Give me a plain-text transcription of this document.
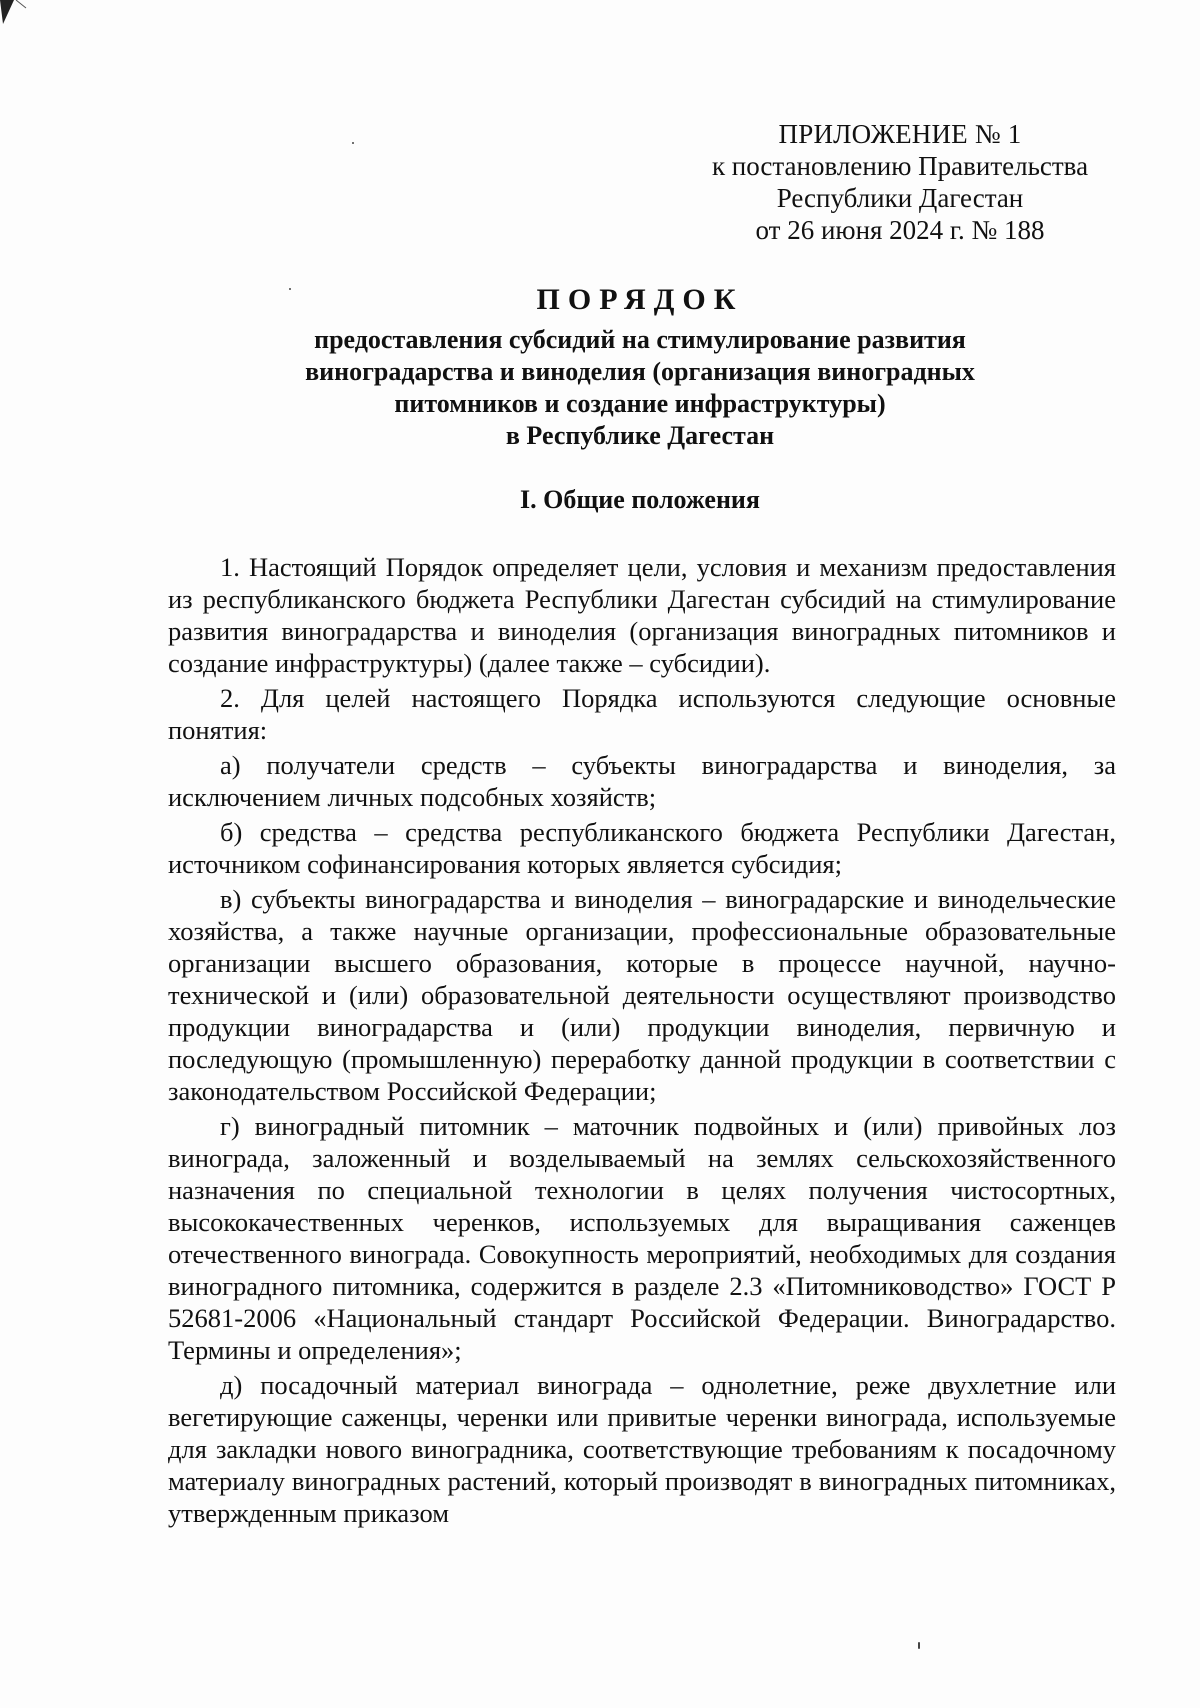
ПРИЛОЖЕНИЕ № 1
к постановлению Правительства
Республики Дагестан
от 26 июня 2024 г. № 188
ПОРЯДОК
предоставления субсидий на стимулирование развития
виноградарства и виноделия (организация виноградных
питомников и создание инфраструктуры)
в Республике Дагестан
I. Общие положения

1. Настоящий Порядок определяет цели, условия и механизм предоставления из республиканского бюджета Республики Дагестан субсидий на стимулирование развития виноградарства и виноделия (организация виноградных питомников и создание инфраструктуры) (далее также – субсидии).

2. Для целей настоящего Порядка используются следующие основные понятия:

а) получатели средств – субъекты виноградарства и виноделия, за исключением личных подсобных хозяйств;

б) средства – средства республиканского бюджета Республики Дагестан, источником софинансирования которых является субсидия;

в) субъекты виноградарства и виноделия – виноградарские и винодельческие хозяйства, а также научные организации, профессиональные образовательные организации высшего образования, которые в процессе научной, научно-технической и (или) образовательной деятельности осуществляют производство продукции виноградарства и (или) продукции виноделия, первичную и последующую (промышленную) переработку данной продукции в соответствии с законодательством Российской Федерации;

г) виноградный питомник – маточник подвойных и (или) привойных лоз винограда, заложенный и возделываемый на землях сельскохозяйственного назначения по специальной технологии в целях получения чистосортных, высококачественных черенков, используемых для выращивания саженцев отечественного винограда. Совокупность мероприятий, необходимых для создания виноградного питомника, содержится в разделе 2.3 «Питомниководство» ГОСТ Р 52681-2006 «Национальный стандарт Российской Федерации. Виноградарство. Термины и определения»;

д) посадочный материал винограда – однолетние, реже двухлетние или вегетирующие саженцы, черенки или привитые черенки винограда, используемые для закладки нового виноградника, соответствующие требованиям к посадочному материалу виноградных растений, который производят в виноградных питомниках, утвержденным приказом
